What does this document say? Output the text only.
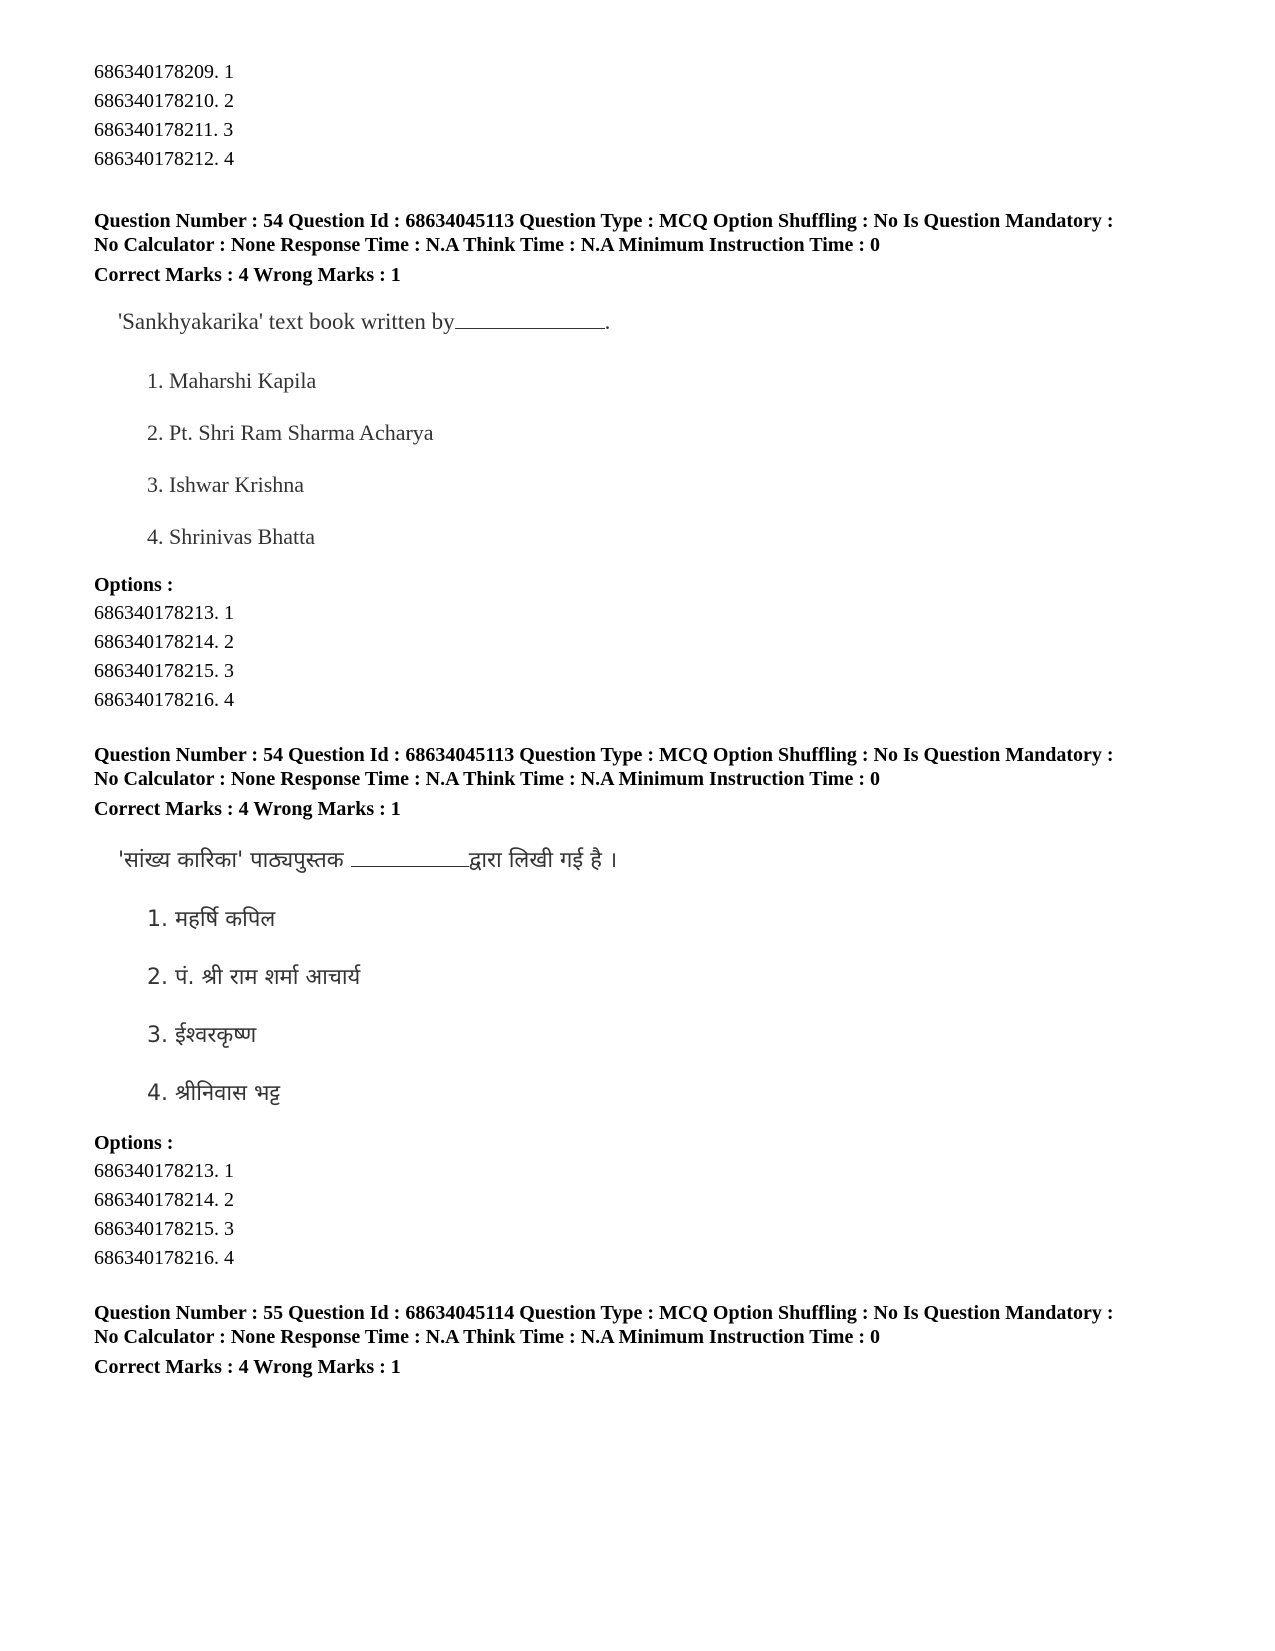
686340178209. 1
686340178210. 2
686340178211. 3
686340178212. 4
Question Number : 54 Question Id : 68634045113 Question Type : MCQ Option Shuffling : No Is Question Mandatory :
No Calculator : None Response Time : N.A Think Time : N.A Minimum Instruction Time : 0
Correct Marks : 4 Wrong Marks : 1
'Sankhyakarika' text book written by	.
1. Maharshi Kapila
2. Pt. Shri Ram Sharma Acharya
3. Ishwar Krishna
4. Shrinivas Bhatta
Options :
686340178213. 1
686340178214. 2
686340178215. 3
686340178216. 4
Question Number : 54 Question Id : 68634045113 Question Type : MCQ Option Shuffling : No Is Question Mandatory :
No Calculator : None Response Time : N.A Think Time : N.A Minimum Instruction Time : 0
Correct Marks : 4 Wrong Marks : 1
'सांख्य कारिका' पाठ्यपुस्तक	द्वारा लिखी गई है ।
1. महर्षि कपिल
2. पं. श्री राम शर्मा आचार्य
3. ईश्वरकृष्ण
4. श्रीनिवास भट्ट
Options :
686340178213. 1
686340178214. 2
686340178215. 3
686340178216. 4
Question Number : 55 Question Id : 68634045114 Question Type : MCQ Option Shuffling : No Is Question Mandatory :
No Calculator : None Response Time : N.A Think Time : N.A Minimum Instruction Time : 0
Correct Marks : 4 Wrong Marks : 1
